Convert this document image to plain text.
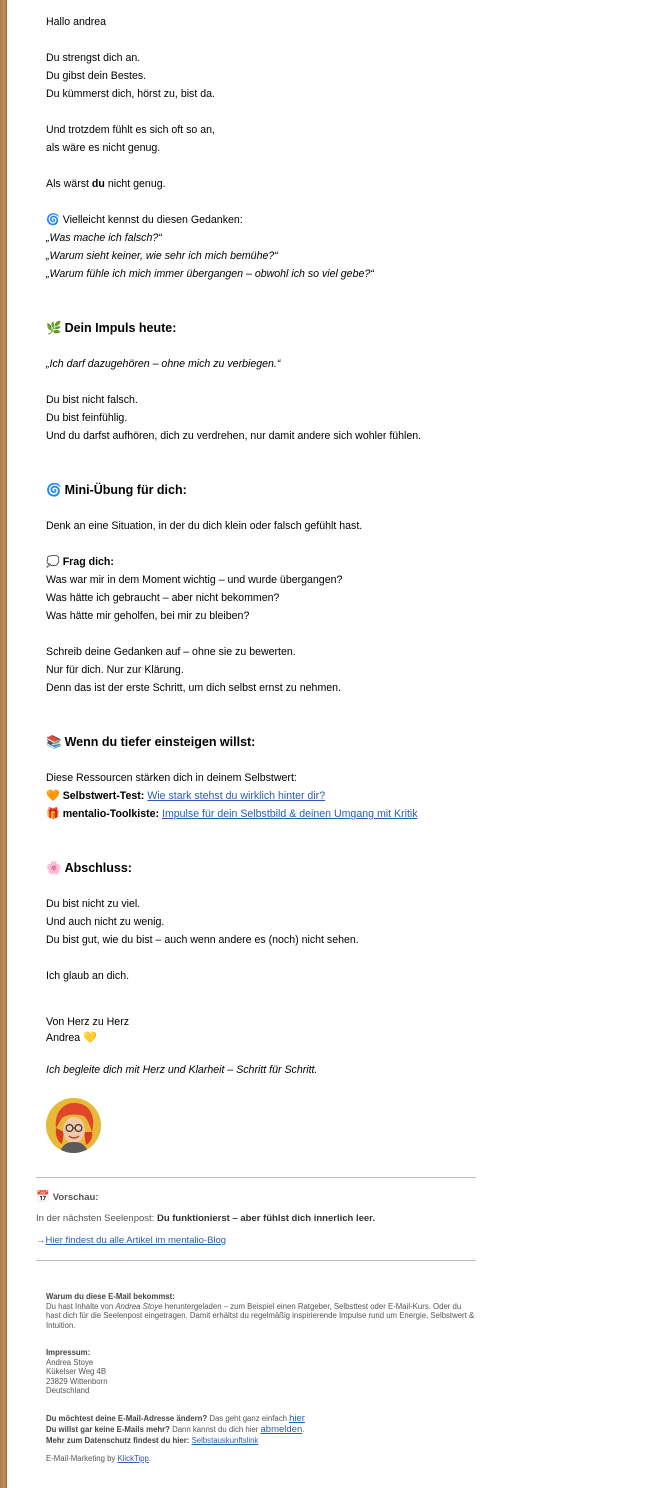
Hallo andrea
Du strengst dich an.
Du gibst dein Bestes.
Du kümmerst dich, hörst zu, bist da.
Und trotzdem fühlt es sich oft so an,
als wäre es nicht genug.
Als wärst du nicht genug.
🌀 Vielleicht kennst du diesen Gedanken:
„Was mache ich falsch?“
„Warum sieht keiner, wie sehr ich mich bemühe?“
„Warum fühle ich mich immer übergangen – obwohl ich so viel gebe?“
🌿 Dein Impuls heute:
„Ich darf dazugehören – ohne mich zu verbiegen.“
Du bist nicht falsch.
Du bist feinfühlig.
Und du darfst aufhören, dich zu verdrehen, nur damit andere sich wohler fühlen.
🌀 Mini-Übung für dich:
Denk an eine Situation, in der du dich klein oder falsch gefühlt hast.
💭 Frag dich:
Was war mir in dem Moment wichtig – und wurde übergangen?
Was hätte ich gebraucht – aber nicht bekommen?
Was hätte mir geholfen, bei mir zu bleiben?
Schreib deine Gedanken auf – ohne sie zu bewerten.
Nur für dich. Nur zur Klärung.
Denn das ist der erste Schritt, um dich selbst ernst zu nehmen.
📚 Wenn du tiefer einsteigen willst:
Diese Ressourcen stärken dich in deinem Selbstwert:
🧡 Selbstwert-Test: Wie stark stehst du wirklich hinter dir?
🎁 mentalio-Toolkiste: Impulse für dein Selbstbild & deinen Umgang mit Kritik
🌸 Abschluss:
Du bist nicht zu viel.
Und auch nicht zu wenig.
Du bist gut, wie du bist – auch wenn andere es (noch) nicht sehen.
Ich glaub an dich.
Von Herz zu Herz
Andrea 💛
Ich begleite dich mit Herz und Klarheit – Schritt für Schritt.
📅 Vorschau:
In der nächsten Seelenpost: Du funktionierst – aber fühlst dich innerlich leer.
→Hier findest du alle Artikel im mentalio-Blog
Warum du diese E-Mail bekommst:
Du hast Inhalte von Andrea Stoye heruntergeladen – zum Beispiel einen Ratgeber, Selbsttest oder E-Mail-Kurs. Oder du hast dich für die Seelenpost eingetragen. Damit erhältst du regelmäßig inspirierende Impulse rund um Energie, Selbstwert & Intuition.
Impressum:
Andrea Stoye
Kükelser Weg 4B
23829 Wittenborn
Deutschland
Du möchtest deine E-Mail-Adresse ändern? Das geht ganz einfach hier
Du willst gar keine E-Mails mehr? Dann kannst du dich hier abmelden.
Mehr zum Datenschutz findest du hier: Selbstauskunftslink
E-Mail-Marketing by KlickTipp.
